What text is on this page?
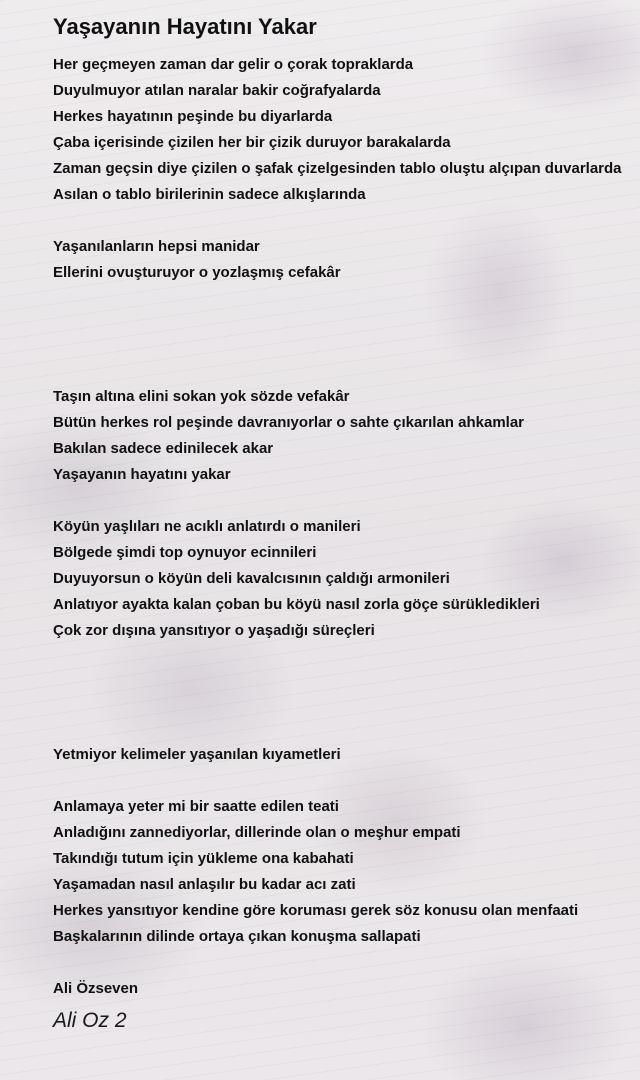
Yaşayanın Hayatını Yakar
Her geçmeyen zaman dar gelir o çorak topraklarda
Duyulmuyor atılan naralar bakir coğrafyalarda
Herkes hayatının peşinde bu diyarlarda
Çaba içerisinde çizilen her bir çizik duruyor barakalarda
Zaman geçsin diye çizilen o şafak çizelgesinden tablo oluştu alçıpan duvarlarda
Asılan o tablo birilerinin sadece alkışlarında
Yaşanılanların hepsi manidar
Ellerini ovuşturuyor o yozlaşmış cefakâr
Taşın altına elini sokan yok sözde vefakâr
Bütün herkes rol peşinde davranıyorlar o sahte çıkarılan ahkamlar
Bakılan sadece edinilecek akar
Yaşayanın hayatını yakar
Köyün yaşlıları ne acıklı anlatırdı o manileri
Bölgede şimdi top oynuyor ecinnileri
Duyuyorsun o köyün deli kavalcısının çaldığı armonileri
Anlatıyor ayakta kalan çoban bu köyü nasıl zorla göçe sürükledikleri
Çok zor dışına yansıtıyor o yaşadığı süreçleri
Yetmiyor kelimeler yaşanılan kıyametleri
Anlamaya yeter mi bir saatte edilen teati
Anladığını zannediyorlar, dillerinde olan o meşhur empati
Takındığı tutum için yükleme ona kabahati
Yaşamadan nasıl anlaşılır bu kadar acı zati
Herkes yansıtıyor kendine göre koruması gerek söz konusu olan menfaati
Başkalarının dilinde ortaya çıkan konuşma sallapati
Ali Özseven
Ali Oz 2
